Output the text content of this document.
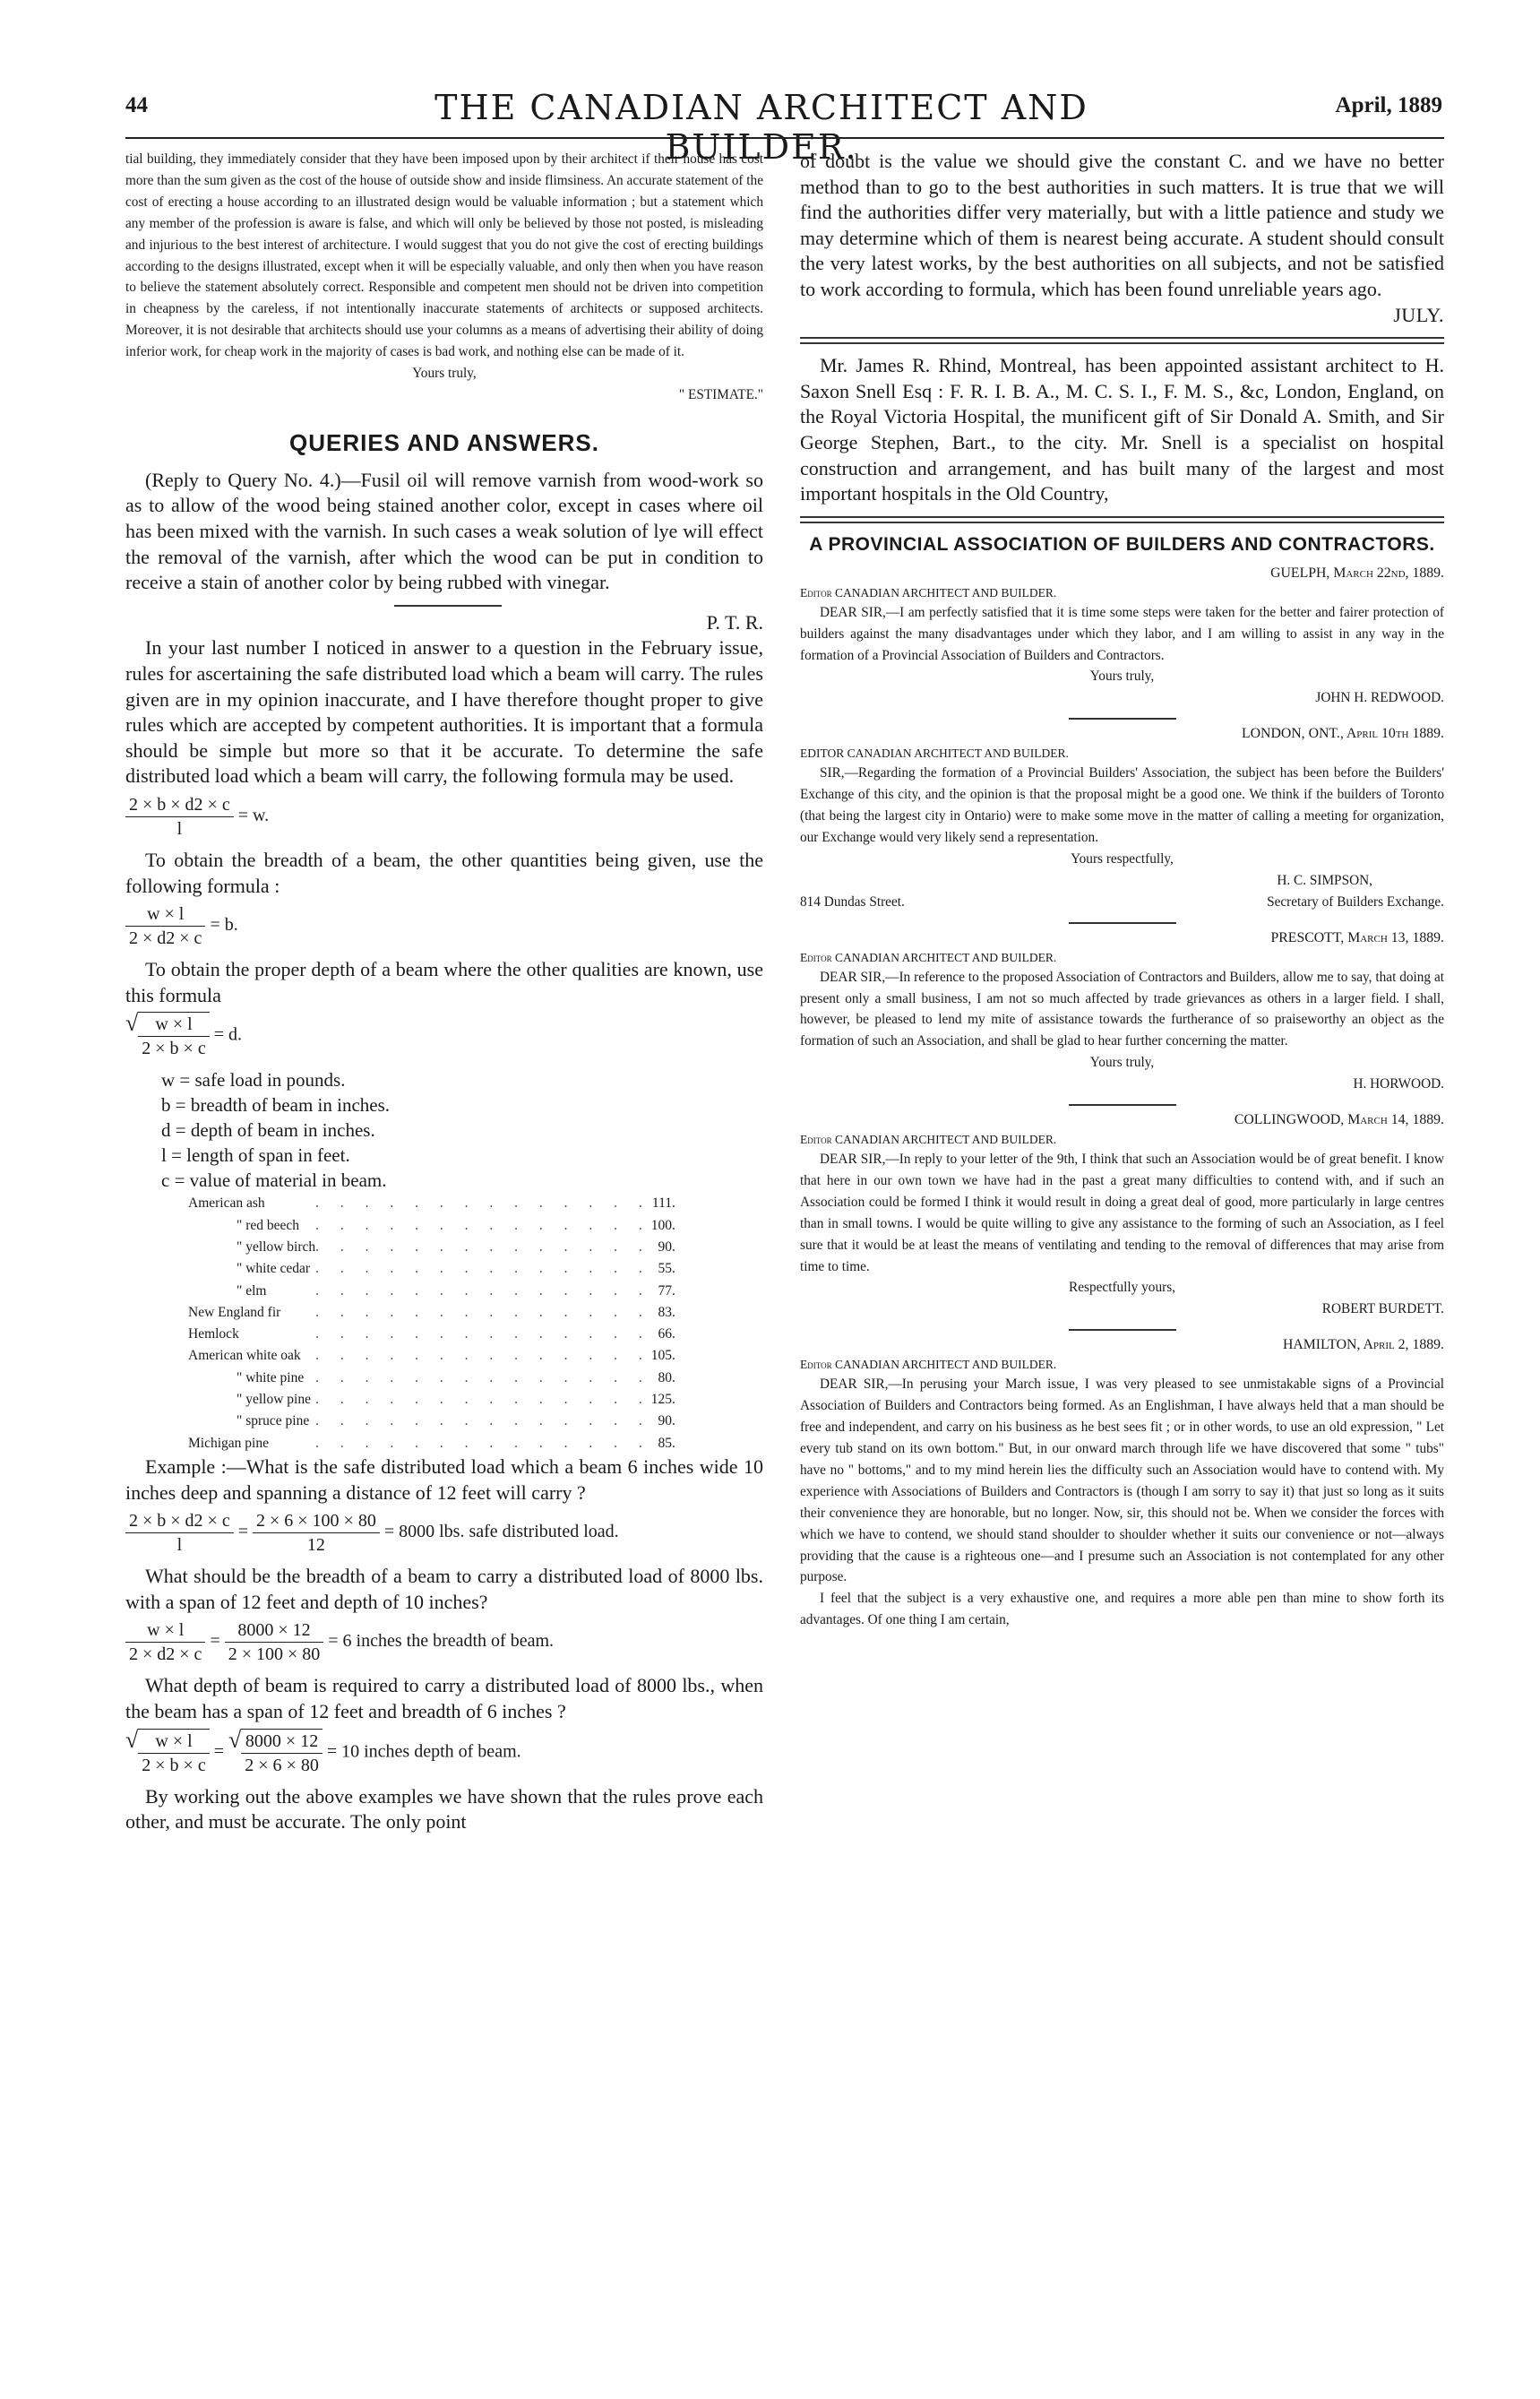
44	THE CANADIAN ARCHITECT AND BUILDER.
April, 1889

tial building, they immediately consider that they have been imposed upon by their architect if their house has cost more than the sum given as the cost of the house of outside show and inside flimsiness. An accurate statement of the cost of erecting a house according to an illustrated design would be valuable information ; but a statement which any member of the profession is aware is false, and which will only be believed by those not posted, is misleading and injurious to the best interest of architecture. I would suggest that you do not give the cost of erecting buildings according to the designs illustrated, except when it will be especially valuable, and only then when you have reason to believe the statement absolutely correct. Responsible and competent men should not be driven into competition in cheapness by the careless, if not intentionally inaccurate statements of architects or supposed architects. Moreover, it is not desirable that architects should use your columns as a means of advertising their ability of doing inferior work, for cheap work in the majority of cases is bad work, and nothing else can be made of it.

Yours truly,

" ESTIMATE."

QUERIES AND ANSWERS.

(Reply to Query No. 4.)—Fusil oil will remove varnish from wood-work so as to allow of the wood being stained another color, except in cases where oil has been mixed with the varnish. In such cases a weak solution of lye will effect the removal of the varnish, after which the wood can be put in condition to receive a stain of another color by being rubbed with vinegar.

P. T. R.

In your last number I noticed in answer to a question in the February issue, rules for ascertaining the safe distributed load which a beam will carry. The rules given are in my opinion inaccurate, and I have therefore thought proper to give rules which are accepted by competent authorities. It is important that a formula should be simple but more so that it be accurate. To determine the safe distributed load which a beam will carry, the following formula may be used.

$\frac{2 \times b \times d2 \times c}{l} = w$.

To obtain the breadth of a beam, the other quantities being given, use the following formula :

$\frac{w \times l}{2 \times d2 \times c} = b$.

To obtain the proper depth of a beam where the other qualities are known, use this formula

√ $\frac{w \times l}{2 \times b \times c} = d$.
w = safe load in pounds.
b = breadth of beam in inches.
d = depth of beam in inches.
l = length of span in feet.
c = value of material in beam.
American ash	. . . . . . . . . . . . . .	111.
" red beech	. . . . . . . . . . . . . .	100.
" yellow birch	. . . . . . . . . . . . . .	90.
" white cedar	. . . . . . . . . . . . . .	55.
" elm	. . . . . . . . . . . . . .	77.
New England fir	. . . . . . . . . . . . . .	83.
Hemlock	. . . . . . . . . . . . . .	66.
American white oak	. . . . . . . . . . . . . .	105.
" white pine	. . . . . . . . . . . . . .	80.
" yellow pine	. . . . . . . . . . . . . .	125.
" spruce pine	. . . . . . . . . . . . . .	90.
Michigan pine	. . . . . . . . . . . . . .	85.

Example :—What is the safe distributed load which a beam 6 inches wide 10 inches deep and spanning a distance of 12 feet will carry ?

$\frac{2 \times b \times d2 \times c}{l} = \frac{2 \times 6 \times 100 \times 80}{12} = 8000$ lbs. safe distributed load.

What should be the breadth of a beam to carry a distributed load of 8000 lbs. with a span of 12 feet and depth of 10 inches?

$\frac{w \times l}{2 \times d2 \times c} = \frac{8000 \times 12}{2 \times 100 \times 80} = 6$ inches the breadth of beam.

What depth of beam is required to carry a distributed load of 8000 lbs., when the beam has a span of 12 feet and breadth of 6 inches ?

√ $\frac{w \times l}{2 \times b \times c}$ = √ $\frac{8000 \times 12}{2 \times 6 \times 80} = 10$ inches depth of beam.

By working out the above examples we have shown that the rules prove each other, and must be accurate. The only point

of doubt is the value we should give the constant C. and we have no better method than to go to the best authorities in such matters. It is true that we will find the authorities differ very materially, but with a little patience and study we may determine which of them is nearest being accurate. A student should consult the very latest works, by the best authorities on all subjects, and not be satisfied to work according to formula, which has been found unreliable years ago.

JULY.

Mr. James R. Rhind, Montreal, has been appointed assistant architect to H. Saxon Snell Esq : F. R. I. B. A., M. C. S. I., F. M. S., &c, London, England, on the Royal Victoria Hospital, the munificent gift of Sir Donald A. Smith, and Sir George Stephen, Bart., to the city. Mr. Snell is a specialist on hospital construction and arrangement, and has built many of the largest and most important hospitals in the Old Country,

A PROVINCIAL ASSOCIATION OF BUILDERS AND CONTRACTORS.

GUELPH, March 22nd, 1889.

Editor CANADIAN ARCHITECT AND BUILDER.

DEAR SIR,—I am perfectly satisfied that it is time some steps were taken for the better and fairer protection of builders against the many disadvantages under which they labor, and I am willing to assist in any way in the formation of a Provincial Association of Builders and Contractors.

Yours truly,

JOHN H. REDWOOD.

LONDON, ONT., April 10th 1889.

EDITOR CANADIAN ARCHITECT AND BUILDER.

SIR,—Regarding the formation of a Provincial Builders' Association, the subject has been before the Builders' Exchange of this city, and the opinion is that the proposal might be a good one. We think if the builders of Toronto (that being the largest city in Ontario) were to make some move in the matter of calling a meeting for organization, our Exchange would very likely send a representation.

Yours respectfully,

H. C. SIMPSON,

814 Dundas Street.	Secretary of Builders Exchange.

PRESCOTT, March 13, 1889.

Editor CANADIAN ARCHITECT AND BUILDER.

DEAR SIR,—In reference to the proposed Association of Contractors and Builders, allow me to say, that doing at present only a small business, I am not so much affected by trade grievances as others in a larger field. I shall, however, be pleased to lend my mite of assistance towards the furtherance of so praiseworthy an object as the formation of such an Association, and shall be glad to hear further concerning the matter.

Yours truly,

H. HORWOOD.

COLLINGWOOD, March 14, 1889.

Editor CANADIAN ARCHITECT AND BUILDER.

DEAR SIR,—In reply to your letter of the 9th, I think that such an Association would be of great benefit. I know that here in our own town we have had in the past a great many difficulties to contend with, and if such an Association could be formed I think it would result in doing a great deal of good, more particularly in large centres than in small towns. I would be quite willing to give any assistance to the forming of such an Association, as I feel sure that it would be at least the means of ventilating and tending to the removal of differences that may arise from time to time.

Respectfully yours,

ROBERT BURDETT.

HAMILTON, April 2, 1889.

Editor CANADIAN ARCHITECT AND BUILDER.

DEAR SIR,—In perusing your March issue, I was very pleased to see unmistakable signs of a Provincial Association of Builders and Contractors being formed. As an Englishman, I have always held that a man should be free and independent, and carry on his business as he best sees fit ; or in other words, to use an old expression, " Let every tub stand on its own bottom." But, in our onward march through life we have discovered that some " tubs" have no " bottoms," and to my mind herein lies the difficulty such an Association would have to contend with. My experience with Associations of Builders and Contractors is (though I am sorry to say it) that just so long as it suits their convenience they are honorable, but no longer. Now, sir, this should not be. When we consider the forces with which we have to contend, we should stand shoulder to shoulder whether it suits our convenience or not—always providing that the cause is a righteous one—and I presume such an Association is not contemplated for any other purpose.

I feel that the subject is a very exhaustive one, and requires a more able pen than mine to show forth its advantages. Of one thing I am certain,
